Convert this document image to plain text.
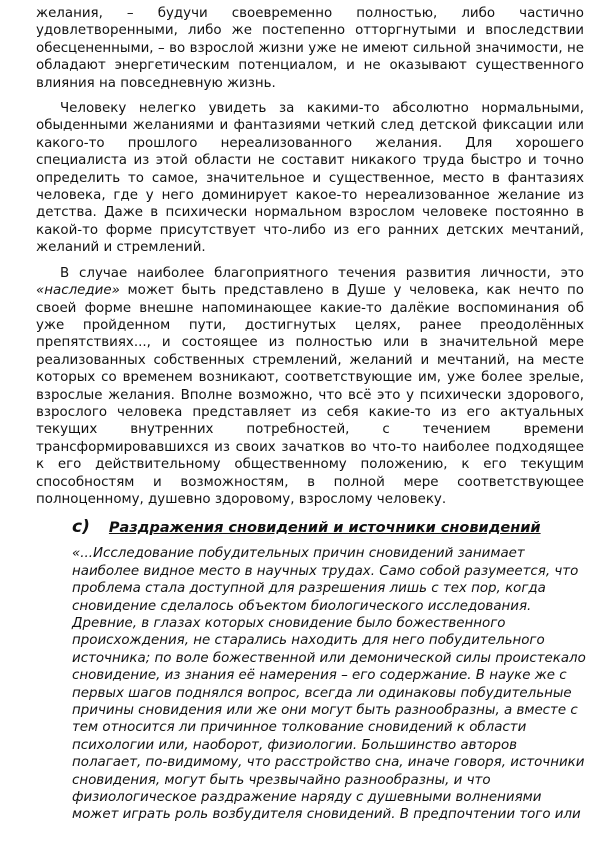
желания, – будучи своевременно полностью, либо частично удовлетворенными, либо же постепенно отторгнутыми и впоследствии обесцененными, – во взрослой жизни уже не имеют сильной значимости, не обладают энергетическим потенциалом, и не оказывают существенного влияния на повседневную жизнь.

Человеку нелегко увидеть за какими-то абсолютно нормальными, обыденными желаниями и фантазиями четкий след детской фиксации или какого-то прошлого нереализованного желания. Для хорошего специалиста из этой области не составит никакого труда быстро и точно определить то самое, значительное и существенное, место в фантазиях человека, где у него доминирует какое-то нереализованное желание из детства. Даже в психически нормальном взрослом человеке постоянно в какой-то форме присутствует что-либо из его ранних детских мечтаний, желаний и стремлений.

В случае наиболее благоприятного течения развития личности, это «наследие» может быть представлено в Душе у человека, как нечто по своей форме внешне напоминающее какие-то далёкие воспоминания об уже пройденном пути, достигнутых целях, ранее преодолённых препятствиях..., и состоящее из полностью или в значительной мере реализованных собственных стремлений, желаний и мечтаний, на месте которых со временем возникают, соответствующие им, уже более зрелые, взрослые желания. Вполне возможно, что всё это у психически здорового, взрослого человека представляет из себя какие-то из его актуальных текущих внутренних потребностей, с течением времени трансформировавшихся из своих зачатков во что-то наиболее подходящее к его действительному общественному положению, к его текущим способностям и возможностям, в полной мере соответствующее полноценному, душевно здоровому, взрослому человеку.

c) Раздражения сновидений и источники сновидений
«...Исследование побудительных причин сновидений занимает
наиболее видное место в научных трудах. Само собой разумеется, что
проблема стала доступной для разрешения лишь с тех пор, когда
сновидение сделалось объектом биологического исследования.
Древние, в глазах которых сновидение было божественного
происхождения, не старались находить для него побудительного
источника; по воле божественной или демонической силы проистекало
сновидение, из знания её намерения – его содержание. В науке же с
первых шагов поднялся вопрос, всегда ли одинаковы побудительные
причины сновидения или же они могут быть разнообразны, а вместе с
тем относится ли причинное толкование сновидений к области
психологии или, наоборот, физиологии. Большинство авторов
полагает, по-видимому, что расстройство сна, иначе говоря, источники
сновидения, могут быть чрезвычайно разнообразны, и что
физиологическое раздражение наряду с душевными волнениями
может играть роль возбудителя сновидений. В предпочтении того или
